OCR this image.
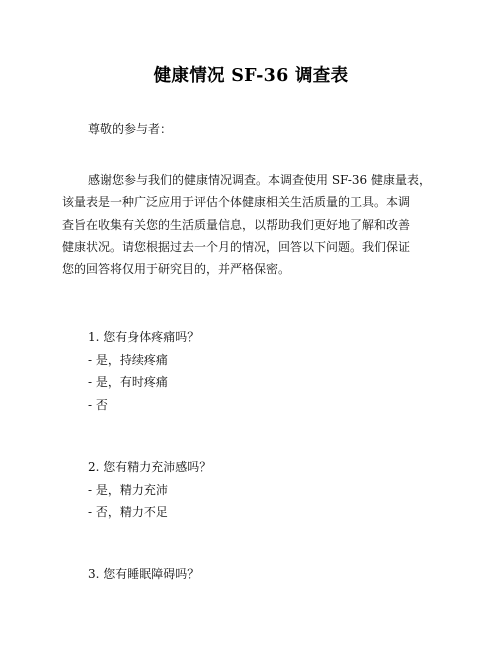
健康情况 SF-36 调查表
尊敬的参与者：
感谢您参与我们的健康情况调查。本调查使用 SF-36 健康量表，
该量表是一种广泛应用于评估个体健康相关生活质量的工具。本调
查旨在收集有关您的生活质量信息，以帮助我们更好地了解和改善
健康状况。请您根据过去一个月的情况，回答以下问题。我们保证
您的回答将仅用于研究目的，并严格保密。
1. 您有身体疼痛吗？
- 是，持续疼痛
- 是，有时疼痛
- 否
2. 您有精力充沛感吗？
- 是，精力充沛
- 否，精力不足
3. 您有睡眠障碍吗？
